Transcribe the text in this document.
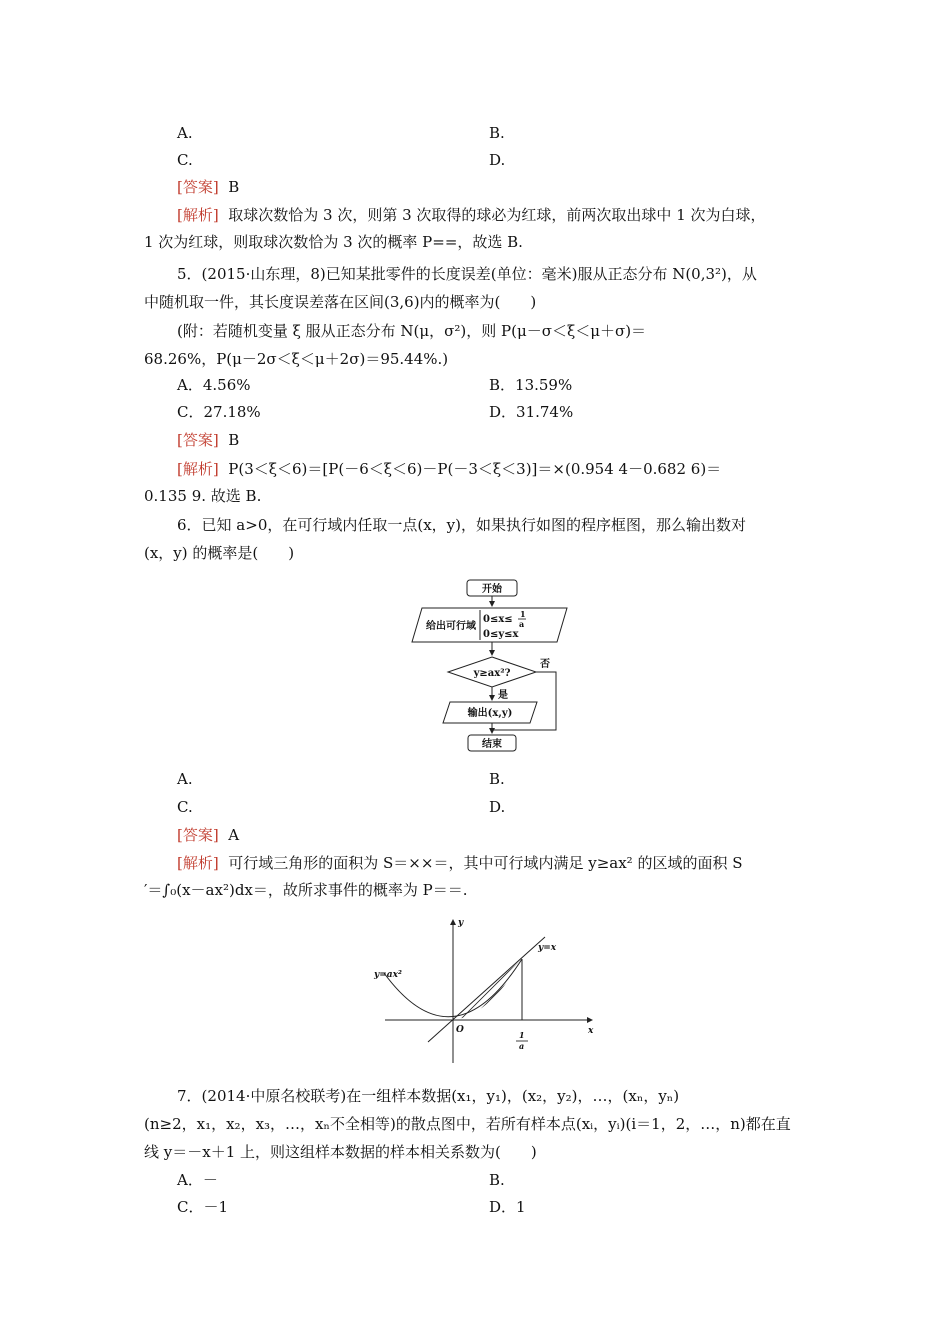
A.	B.
C.	D.
[答案] B
[解析] 取球次数恰为 3 次，则第 3 次取得的球必为红球，前两次取出球中 1 次为白球，
1 次为红球，则取球次数恰为 3 次的概率 P==，故选 B.
5．(2015·山东理，8)已知某批零件的长度误差(单位：毫米)服从正态分布 N(0,3²)，从
中随机取一件，其长度误差落在区间(3,6)内的概率为(　　)
(附：若随机变量 ξ 服从正态分布 N(μ，σ²)，则 P(μ－σ＜ξ＜μ＋σ)＝
68.26%，P(μ－2σ＜ξ＜μ＋2σ)＝95.44%.)
A．4.56%	B．13.59%
C．27.18%	D．31.74%
[答案] B
[解析] P(3＜ξ＜6)＝[P(－6＜ξ＜6)－P(－3＜ξ＜3)]＝×(0.954 4－0.682 6)＝
0.135 9. 故选 B.
6．已知 a>0，在可行域内任取一点(x，y)，如果执行如图的程序框图，那么输出数对
(x，y) 的概率是(　　)
开始
给出可行域
0≤x≤ 1
a
0≤y≤x
y≥ax²?
否
是
输出(x,y)
结束
A.	B.
C.	D.
[答案] A
[解析] 可行域三角形的面积为 S＝××＝，其中可行域内满足 y≥ax² 的区域的面积 S
′＝∫₀(x－ax²)dx＝，故所求事件的概率为 P＝＝.
y
x
O
y=x
y=ax²
1
a
7．(2014·中原名校联考)在一组样本数据(x₁，y₁)，(x₂，y₂)，…，(xₙ，yₙ)
(n≥2，x₁，x₂，x₃，…，xₙ不全相等)的散点图中，若所有样本点(xᵢ，yᵢ)(i＝1，2，…，n)都在直
线 y＝－x＋1 上，则这组样本数据的样本相关系数为(　　)
A．－	B.
C．－1	D．1
